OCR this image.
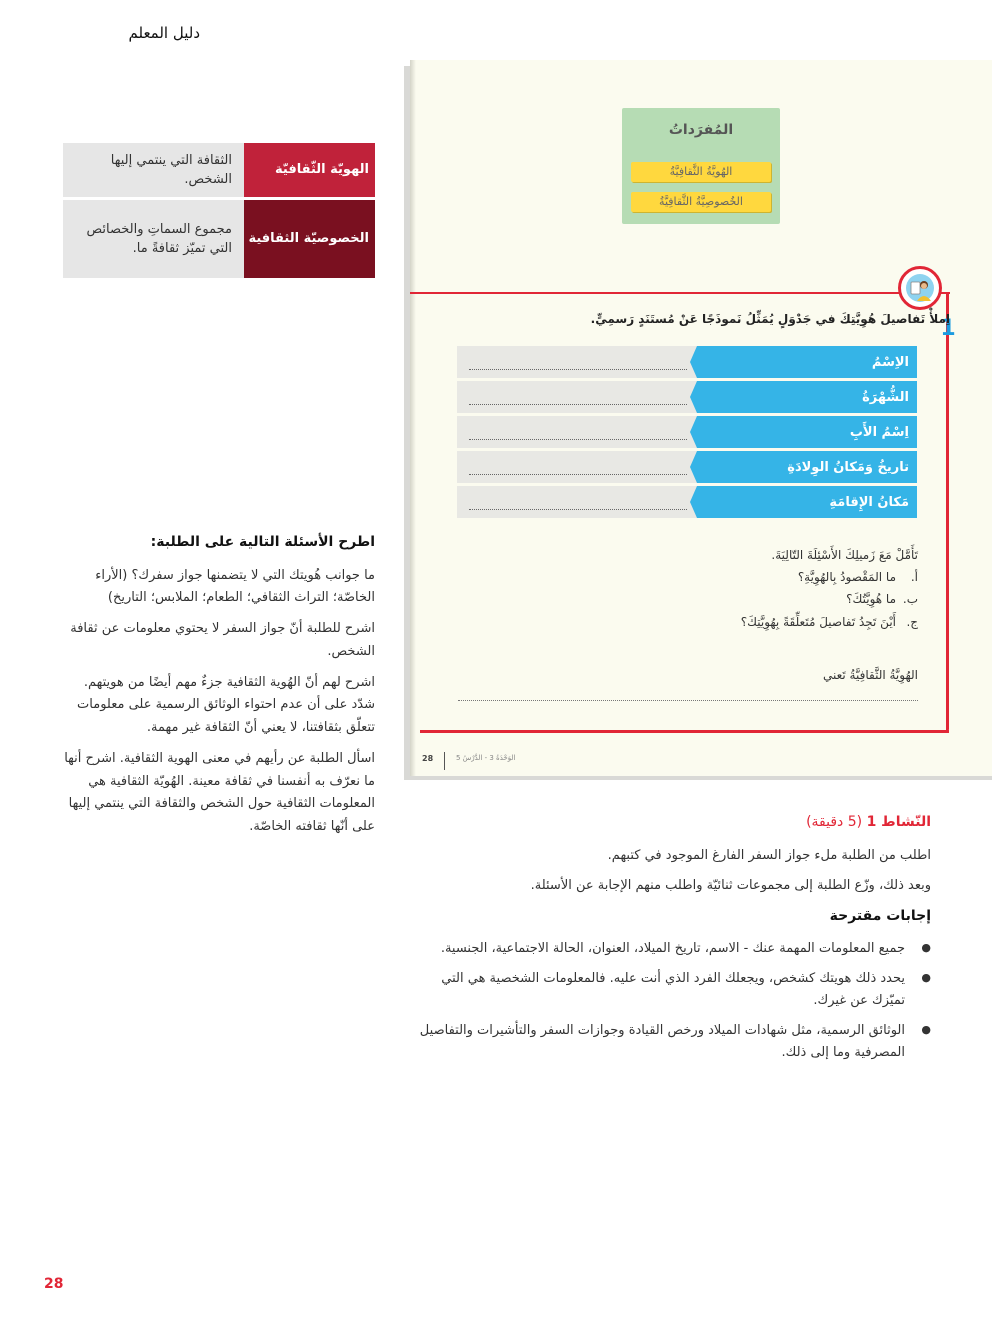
دليل المعلم
الهويّة الثّقافيّة
الثقافة التي ينتمي إليها الشخص.
الخصوصيّة الثقافية
مجموع السماتِ والخصائص التي تميّز ثقافةً ما.
اطرح الأسئلة التالية على الطلبة:

ما جوانب هُويتك التي لا يتضمنها جواز سفرك؟ (الأراء الخاصّة؛ التراث الثقافي؛ الطعام؛ الملابس؛ التاريخ)

اشرح للطلبة أنّ جواز السفر لا يحتوي معلومات عن ثقافة الشخص.

اشرح لهم أنّ الهُوية الثقافية جزءٌ مهم أيضًا من هويتهم. شدّد على أن عدم احتواء الوثائق الرسمية على معلومات تتعلّق بثقافتنا، لا يعني أنّ الثقافة غير مهمة.

اسأل الطلبة عن رأيهم في معنى الهوية الثقافية. اشرح أنها ما نعرّف به أنفسنا في ثقافة معينة. الهُويّة الثقافية هي المعلومات الثقافية حول الشخص والثقافة التي ينتمي إليها على أنّها ثقافته الخاصّة.

المُفرَداتُ
الهُويَّةُ الثَّقافِيَّةُ
الخُصوصِيَّةُ الثَّقافِيَّةُ
1
اِملأْ تَفاصيلَ هُوِيَّتِكَ في جَدْوَلٍ يُمَثِّلُ نَموذَجًا عَنْ مُستَنَدٍ رَسمِيٍّ.
الاِسْمُ
الشُّهْرَةُ
اِسْمُ الأَبِ
تاريخُ وَمَكانُ الوِلادَةِ
مَكانُ الإِقامَةِ
تَأَمَّلْ مَعَ زَميلِكَ الأَسْئِلَةَ التّالِيَةَ.
أ.
ما المَقْصودُ بِالهُوِيَّةِ؟
ب.
ما هُوِيَّتُكَ؟
ج.
أَيْنَ تَجِدُ تَفاصيلَ مُتَعلِّقَةً بِهُوِيَّتِكَ؟
الهُوِيَّةُ الثَّقافِيَّةُ تَعني
28	الوَحْدَةُ 3 - الدَّرْسُ 5
النّشاط 1 (5 دقيقة)
اطلب من الطلبة ملء جواز السفر الفارغ الموجود في كتبهم.
وبعد ذلك، وزّع الطلبة إلى مجموعات ثنائيّة واطلب منهم الإجابة عن الأسئلة.
إجابات مقترحة
●
جميع المعلومات المهمة عنك - الاسم، تاريخ الميلاد، العنوان، الحالة الاجتماعية، الجنسية.
●
يحدد ذلك هويتك كشخص، ويجعلك الفرد الذي أنت عليه. فالمعلومات الشخصية هي التي تميّزك عن غيرك.
●
الوثائق الرسمية، مثل شهادات الميلاد ورخص القيادة وجوازات السفر والتأشيرات والتفاصيل المصرفية وما إلى ذلك.
28
